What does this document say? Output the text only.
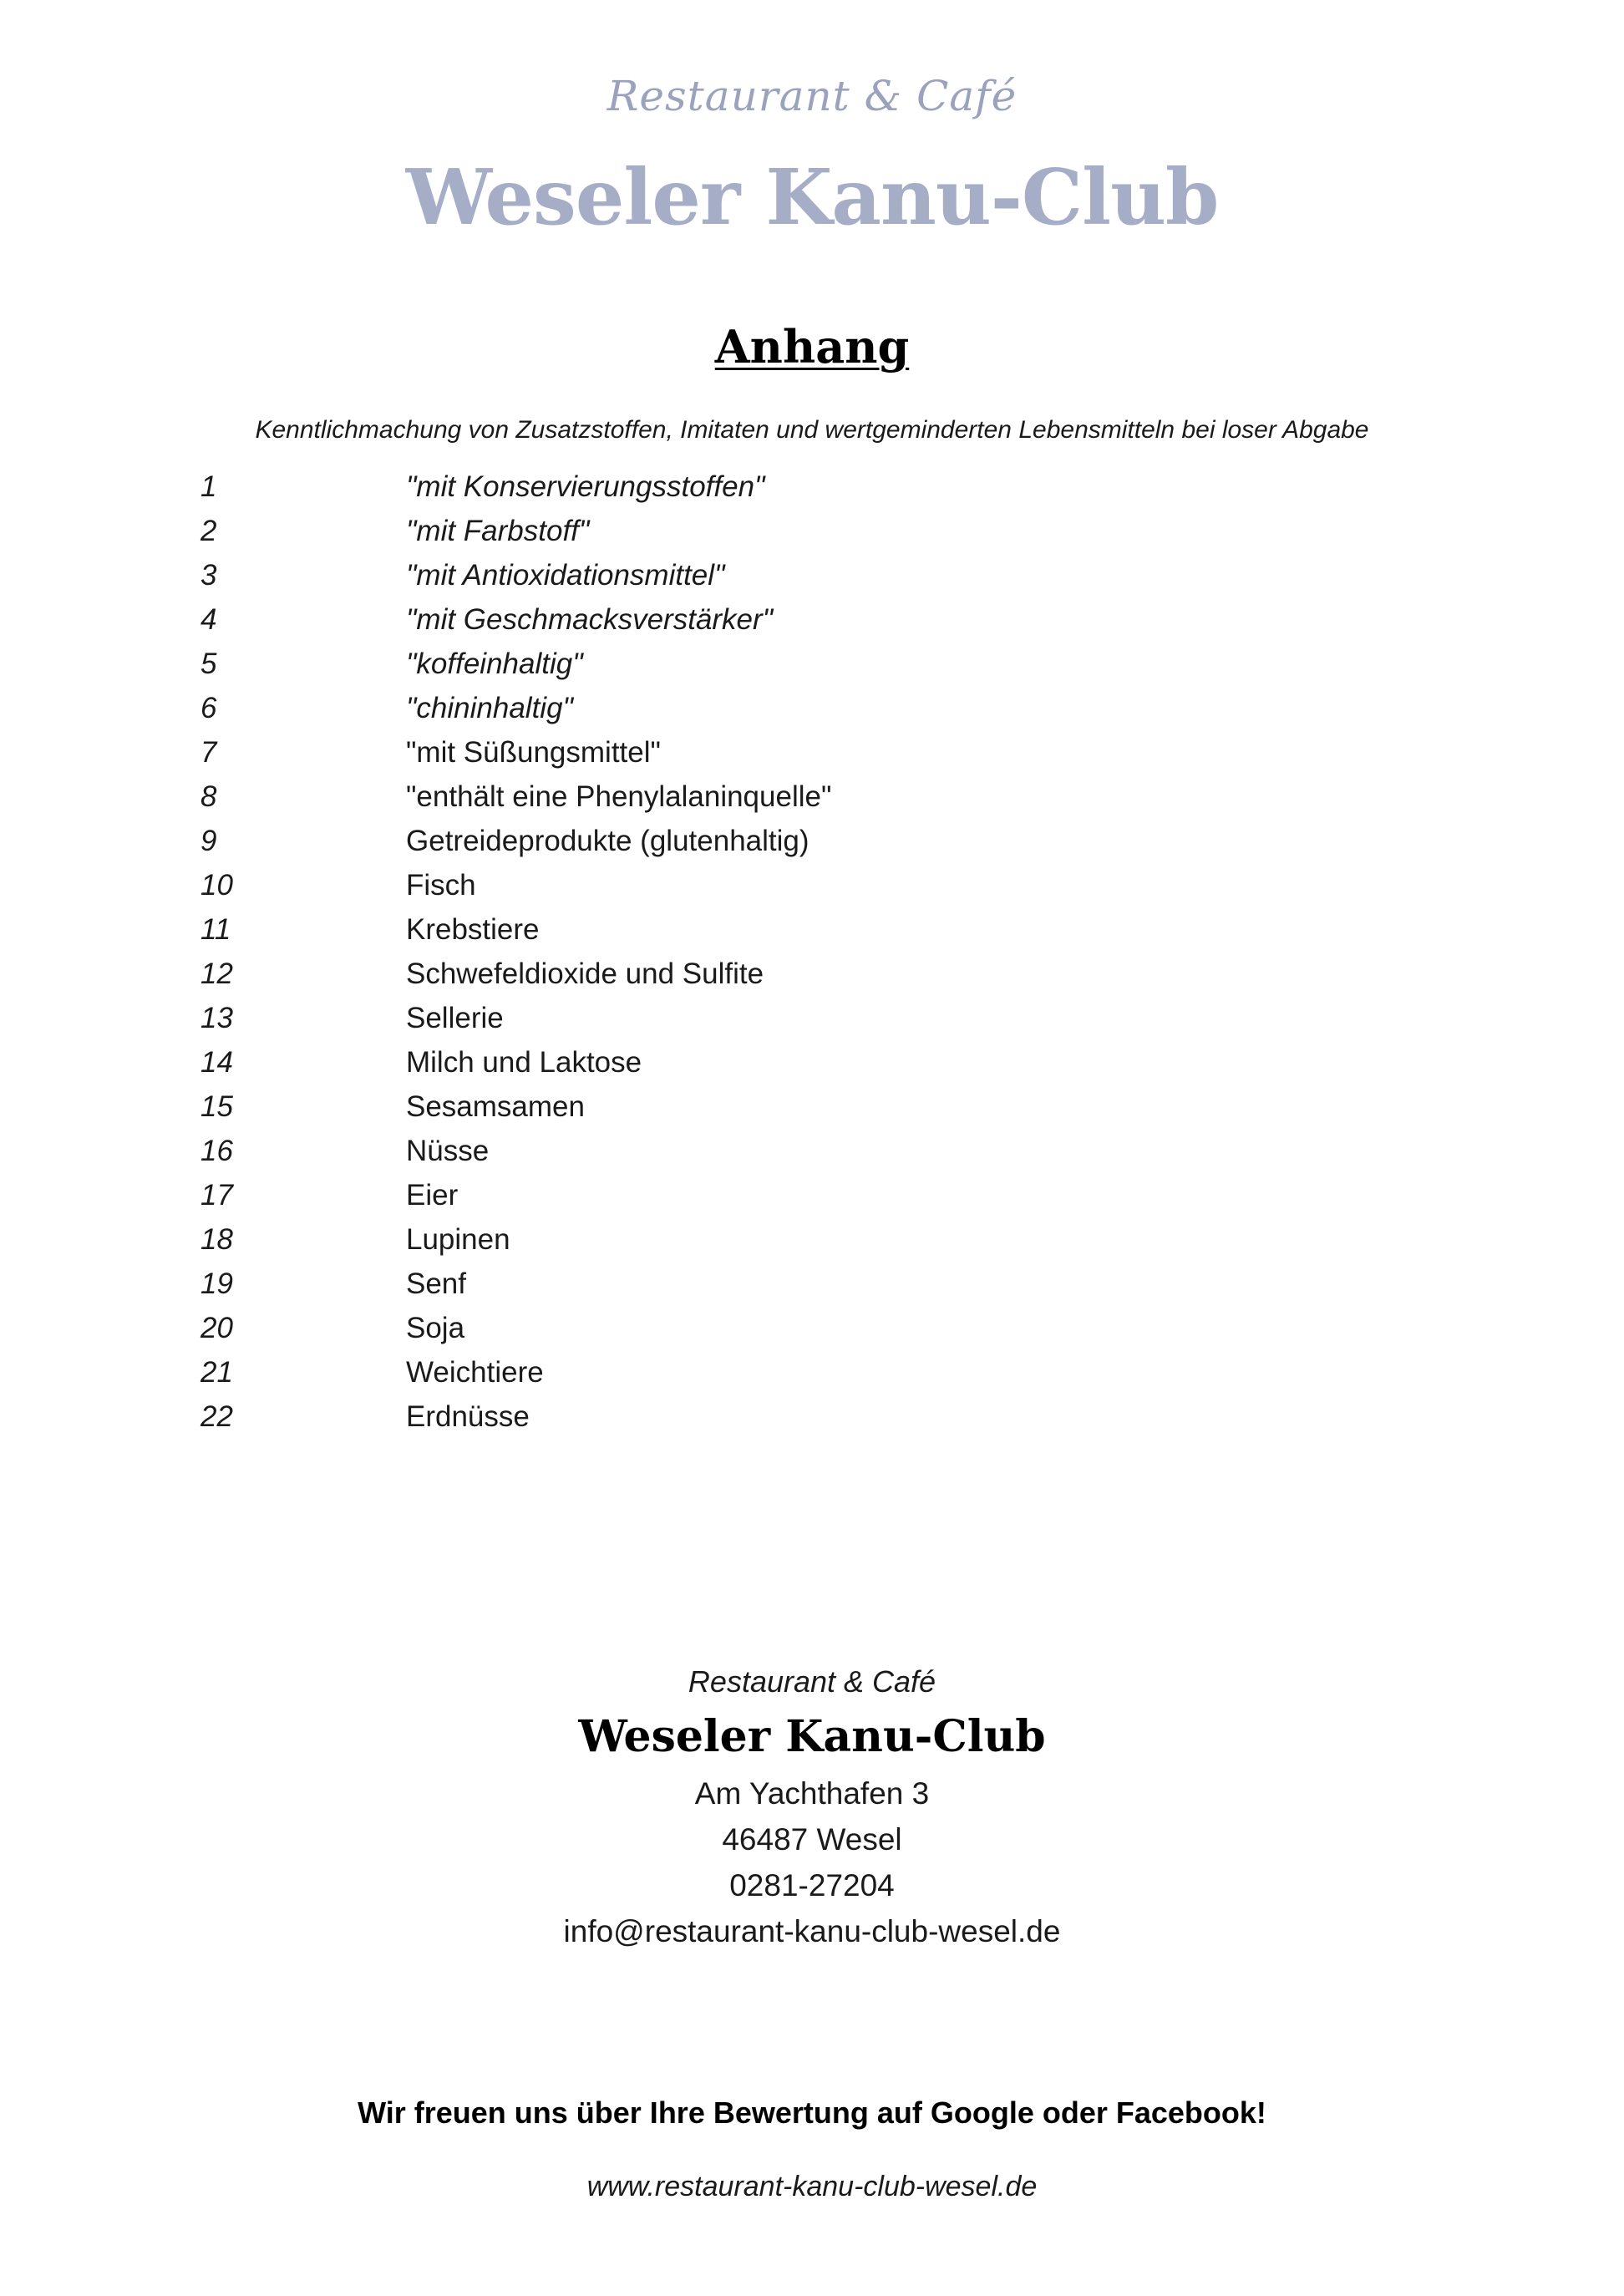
Restaurant & Café
Weseler Kanu-Club
Anhang
Kenntlichmachung von Zusatzstoffen, Imitaten und wertgeminderten Lebensmitteln bei loser Abgabe
1	"mit Konservierungsstoffen"
2	"mit Farbstoff"
3	"mit Antioxidationsmittel"
4	"mit Geschmacksverstärker"
5	"koffeinhaltig"
6	"chininhaltig"
7	"mit Süßungsmittel"
8	"enthält eine Phenylalaninquelle"
9	Getreideprodukte (glutenhaltig)
10	Fisch
11	Krebstiere
12	Schwefeldioxide und Sulfite
13	Sellerie
14	Milch und Laktose
15	Sesamsamen
16	Nüsse
17	Eier
18	Lupinen
19	Senf
20	Soja
21	Weichtiere
22	Erdnüsse
Restaurant & Café
Weseler Kanu-Club
Am Yachthafen 3
46487 Wesel
0281-27204
info@restaurant-kanu-club-wesel.de
Wir freuen uns über Ihre Bewertung auf Google oder Facebook!
www.restaurant-kanu-club-wesel.de
